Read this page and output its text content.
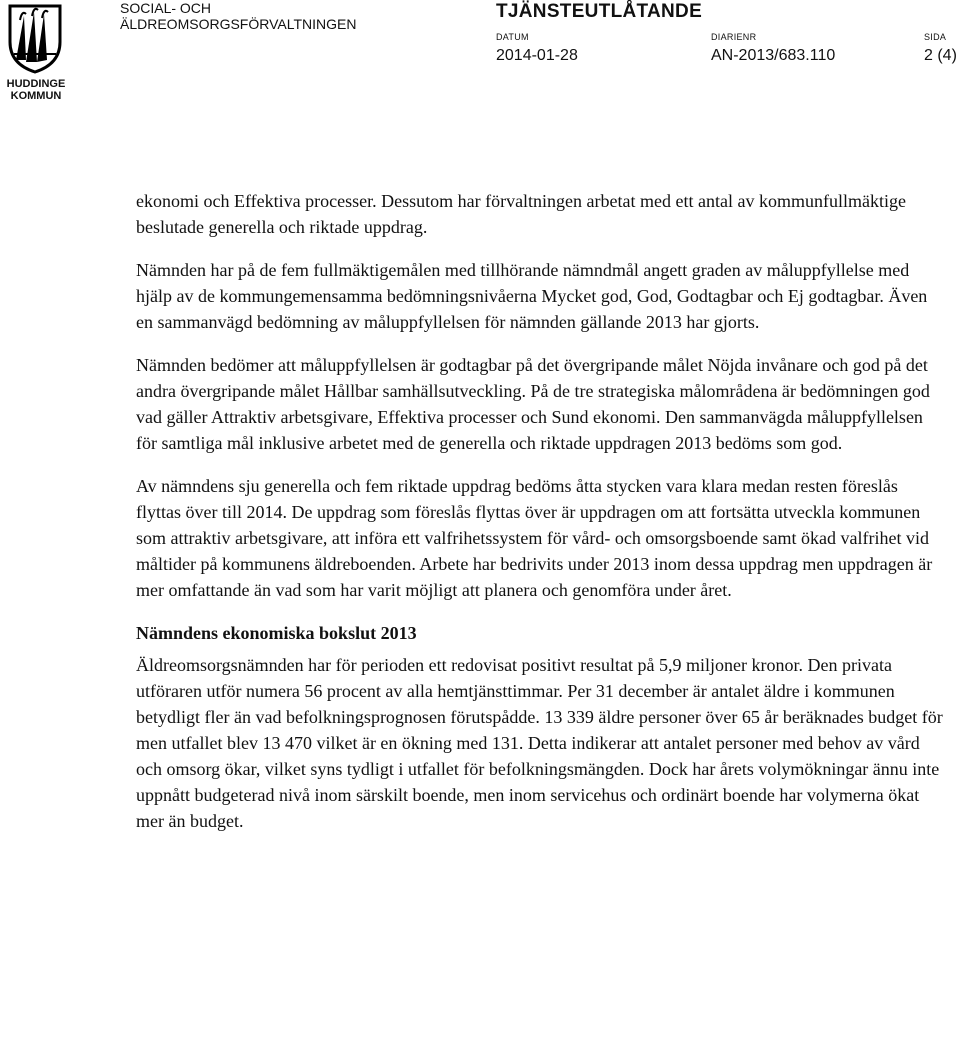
HUDDINGE
KOMMUN
SOCIAL- OCH
ÄLDREOMSORGSFÖRVALTNINGEN
TJÄNSTEUTLÅTANDE
DATUM
2014-01-28
DIARIENR
AN-2013/683.110
SIDA
2 (4)

ekonomi och Effektiva processer. Dessutom har förvaltningen arbetat med ett antal av kommunfullmäktige beslutade generella och riktade uppdrag.

Nämnden har på de fem fullmäktigemålen med tillhörande nämndmål angett graden av måluppfyllelse med hjälp av de kommungemensamma bedömningsnivåerna Mycket god, God, Godtagbar och Ej godtagbar. Även en sammanvägd bedömning av måluppfyllelsen för nämnden gällande 2013 har gjorts.

Nämnden bedömer att måluppfyllelsen är godtagbar på det övergripande målet Nöjda invånare och god på det andra övergripande målet Hållbar samhällsutveckling. På de tre strategiska målområdena är bedömningen god vad gäller Attraktiv arbetsgivare, Effektiva processer och Sund ekonomi. Den sammanvägda måluppfyllelsen för samtliga mål inklusive arbetet med de generella och riktade uppdragen 2013 bedöms som god.

Av nämndens sju generella och fem riktade uppdrag bedöms åtta stycken vara klara medan resten föreslås flyttas över till 2014. De uppdrag som föreslås flyttas över är uppdragen om att fortsätta utveckla kommunen som attraktiv arbetsgivare, att införa ett valfrihetssystem för vård- och omsorgsboende samt ökad valfrihet vid måltider på kommunens äldreboenden. Arbete har bedrivits under 2013 inom dessa uppdrag men uppdragen är mer omfattande än vad som har varit möjligt att planera och genomföra under året.

Nämndens ekonomiska bokslut 2013

Äldreomsorgsnämnden har för perioden ett redovisat positivt resultat på 5,9 miljoner kronor. Den privata utföraren utför numera 56 procent av alla hemtjänsttimmar. Per 31 december är antalet äldre i kommunen betydligt fler än vad befolkningsprognosen förutspådde. 13 339 äldre personer över 65 år beräknades budget för men utfallet blev 13 470 vilket är en ökning med 131. Detta indikerar att antalet personer med behov av vård och omsorg ökar, vilket syns tydligt i utfallet för befolkningsmängden. Dock har årets volymökningar ännu inte uppnått budgeterad nivå inom särskilt boende, men inom servicehus och ordinärt boende har volymerna ökat mer än budget.
